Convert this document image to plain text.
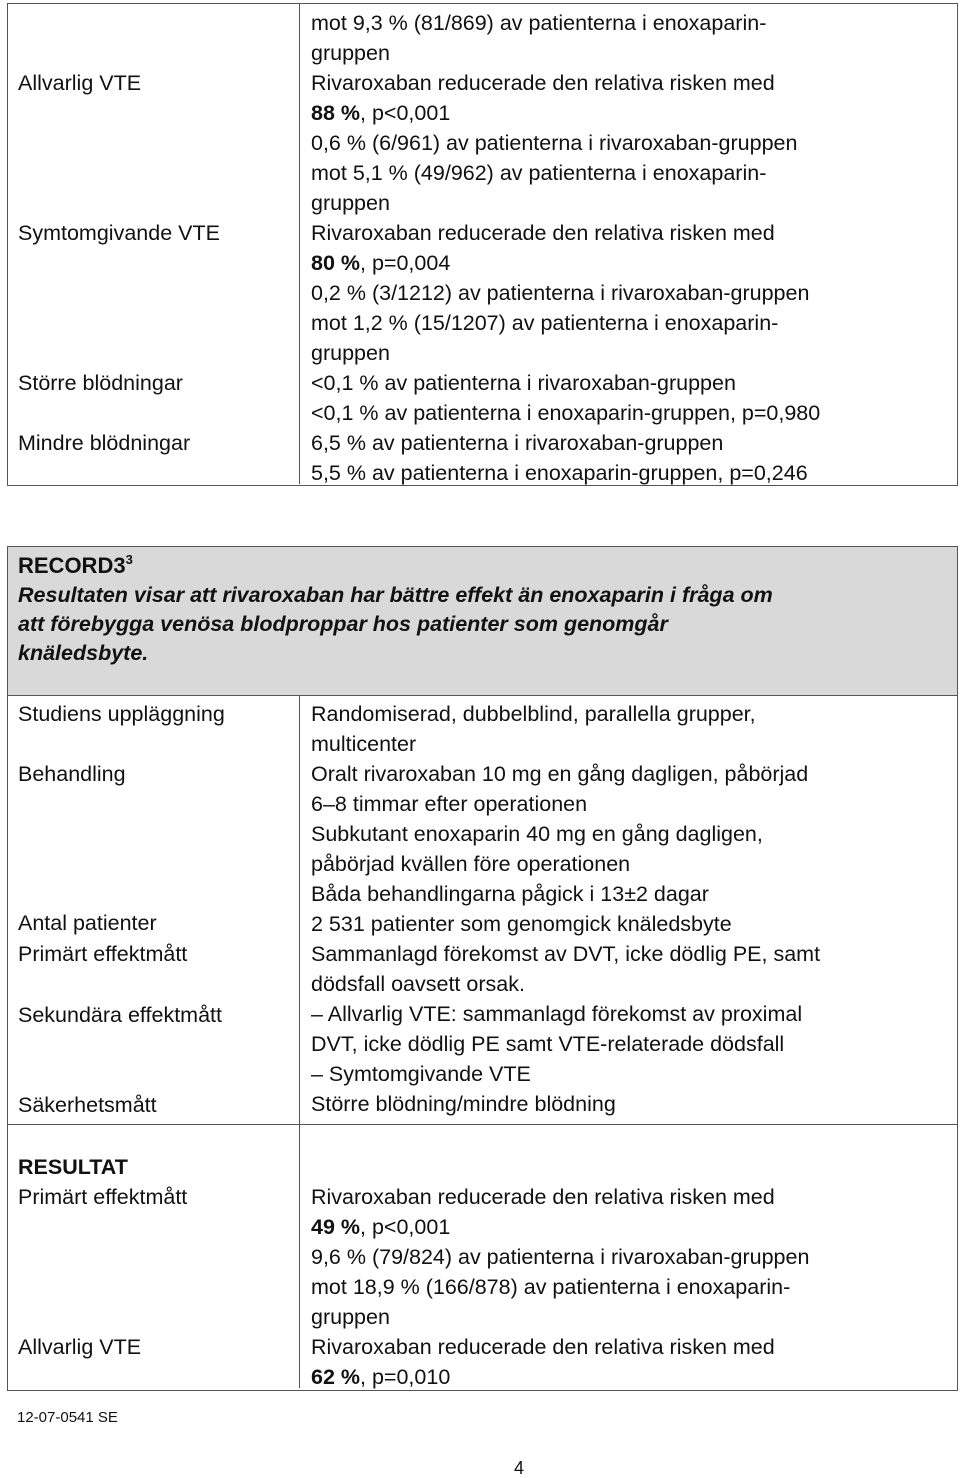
Allvarlig VTE
Symtomgivande VTE
Större blödningar
Mindre blödningar
mot 9,3 % (81/869) av patienterna i enoxaparin-
gruppen
Rivaroxaban reducerade den relativa risken med
88 %, p<0,001
0,6 % (6/961) av patienterna i rivaroxaban-gruppen
mot 5,1 % (49/962) av patienterna i enoxaparin-
gruppen
Rivaroxaban reducerade den relativa risken med
80 %, p=0,004
0,2 % (3/1212) av patienterna i rivaroxaban-gruppen
mot 1,2 % (15/1207) av patienterna i enoxaparin-
gruppen
<0,1 % av patienterna i rivaroxaban-gruppen
<0,1 % av patienterna i enoxaparin-gruppen, p=0,980
6,5 % av patienterna i rivaroxaban-gruppen
5,5 % av patienterna i enoxaparin-gruppen, p=0,246
$RECORD3^3$
Resultaten visar att rivaroxaban har bättre effekt än enoxaparin i fråga om
att förebygga venösa blodproppar hos patienter som genomgår
knäledsbyte.
Studiens uppläggning
Behandling
Antal patienter
Primärt effektmått
Sekundära effektmått
Säkerhetsmått
RESULTAT
Primärt effektmått
Allvarlig VTE
Randomiserad, dubbelblind, parallella grupper,
multicenter
Oralt rivaroxaban 10 mg en gång dagligen, påbörjad
6–8 timmar efter operationen
Subkutant enoxaparin 40 mg en gång dagligen,
påbörjad kvällen före operationen
Båda behandlingarna pågick i 13±2 dagar
2 531 patienter som genomgick knäledsbyte
Sammanlagd förekomst av DVT, icke dödlig PE, samt
dödsfall oavsett orsak.
– Allvarlig VTE: sammanlagd förekomst av proximal
DVT, icke dödlig PE samt VTE-relaterade dödsfall
– Symtomgivande VTE
Större blödning/mindre blödning
Rivaroxaban reducerade den relativa risken med
49 %, p<0,001
9,6 % (79/824) av patienterna i rivaroxaban-gruppen
mot 18,9 % (166/878) av patienterna i enoxaparin-
gruppen
Rivaroxaban reducerade den relativa risken med
62 %, p=0,010
12-07-0541 SE
4
